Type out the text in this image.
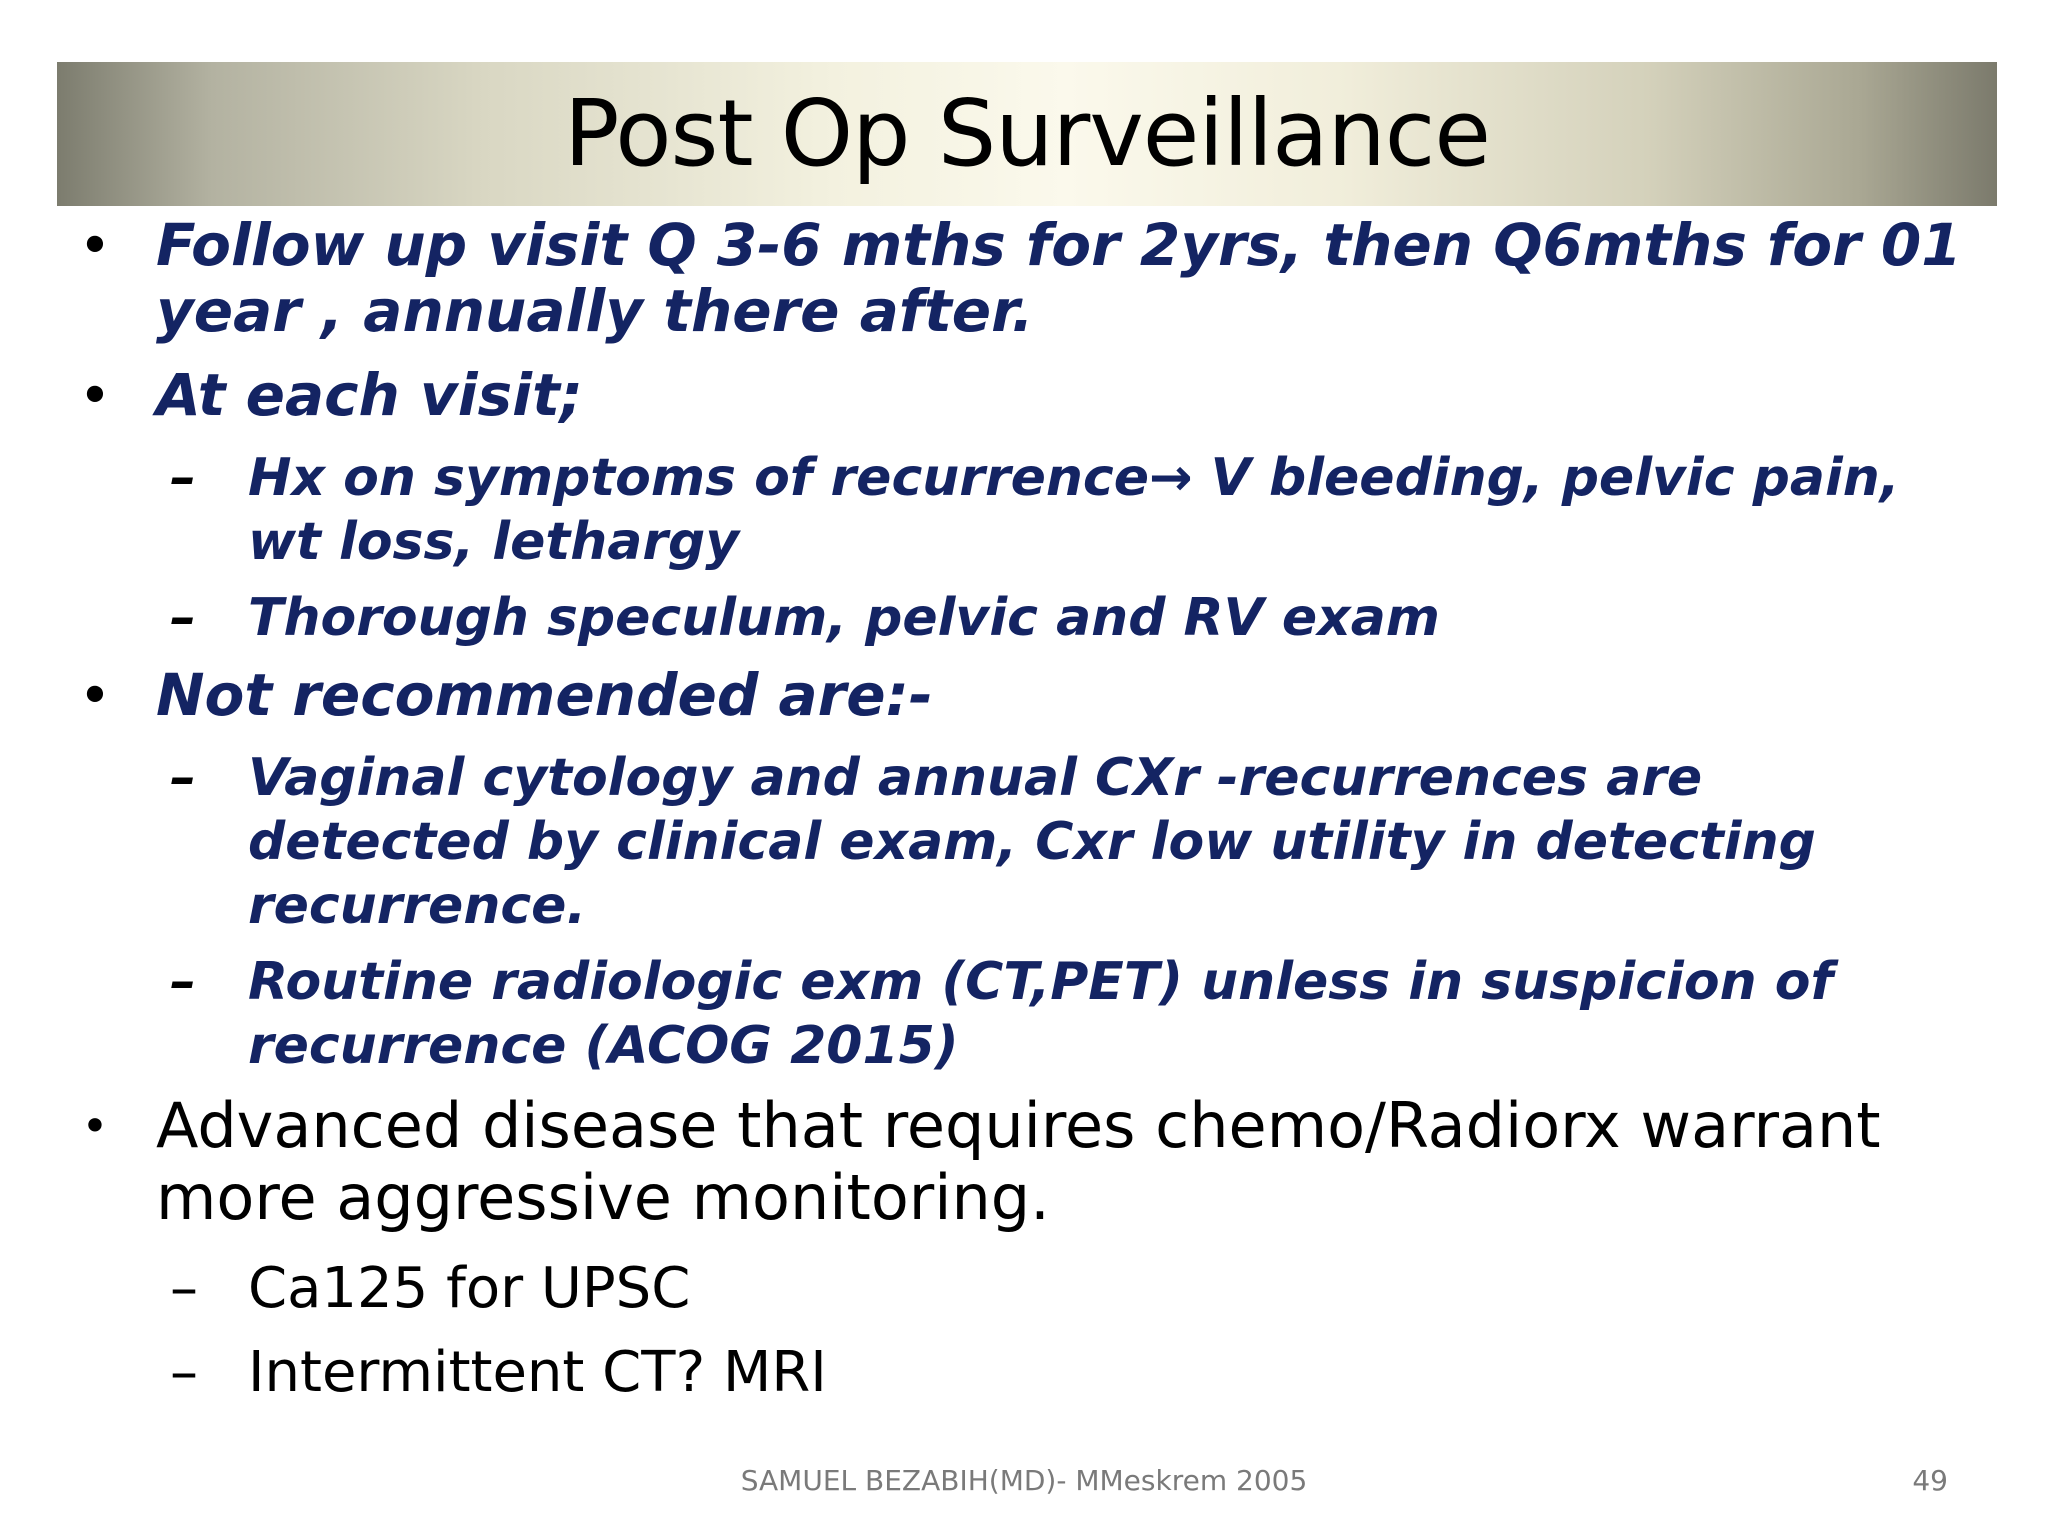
Post Op Surveillance
• Follow up visit Q 3-6 mths for 2yrs, then Q6mths for 01 year , annually there after.
• At each visit;
–	Hx on symptoms of recurrence→ V bleeding, pelvic pain, wt loss, lethargy
–	Thorough speculum, pelvic and RV exam
• Not recommended are:-
–	Vaginal cytology and annual CXr -recurrences are detected by clinical exam, Cxr low utility in detecting recurrence.
–	Routine radiologic exm (CT,PET) unless in suspicion of recurrence (ACOG 2015)
• Advanced disease that requires chemo/Radiorx warrant more aggressive monitoring.
– Ca125 for UPSC
– Intermittent CT? MRI
SAMUEL BEZABIH(MD)- MMeskrem 2005	49
